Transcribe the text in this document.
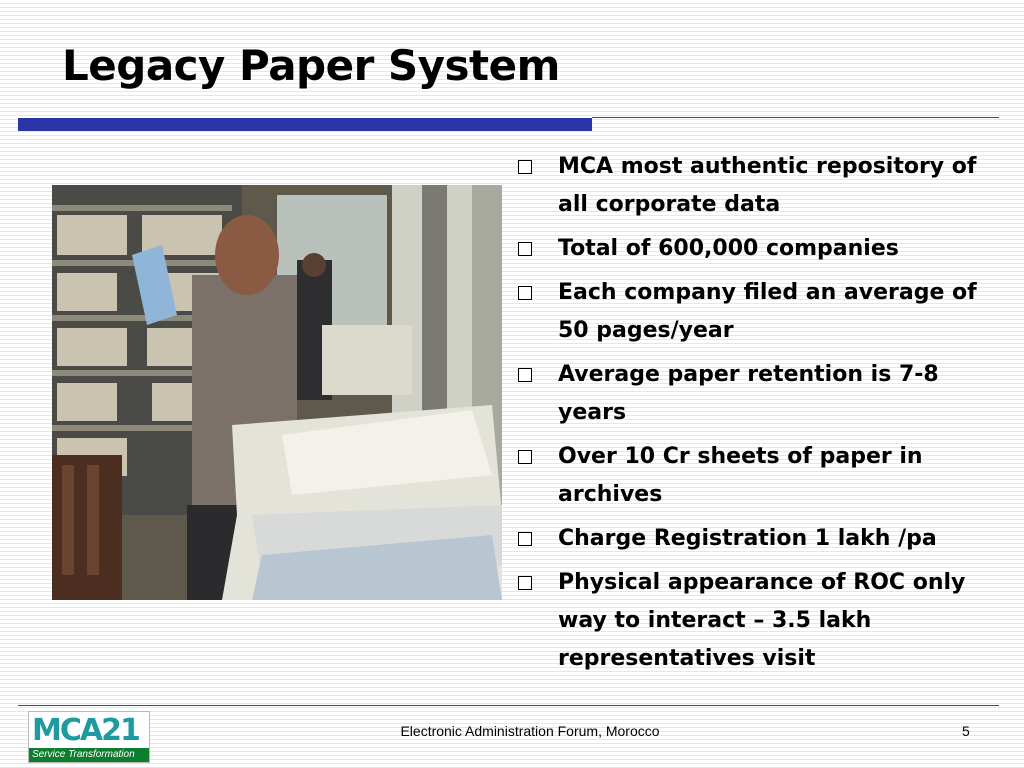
Legacy Paper System
MCA most authentic repository of all corporate data
Total of 600,000 companies
Each company filed an average of 50 pages/year
Average paper retention is 7-8 years
Over 10 Cr sheets of paper in archives
Charge Registration 1 lakh /pa
Physical appearance of ROC only way to interact – 3.5 lakh representatives visit
MCA21
Service Transformation
Electronic Administration Forum, Morocco	5
